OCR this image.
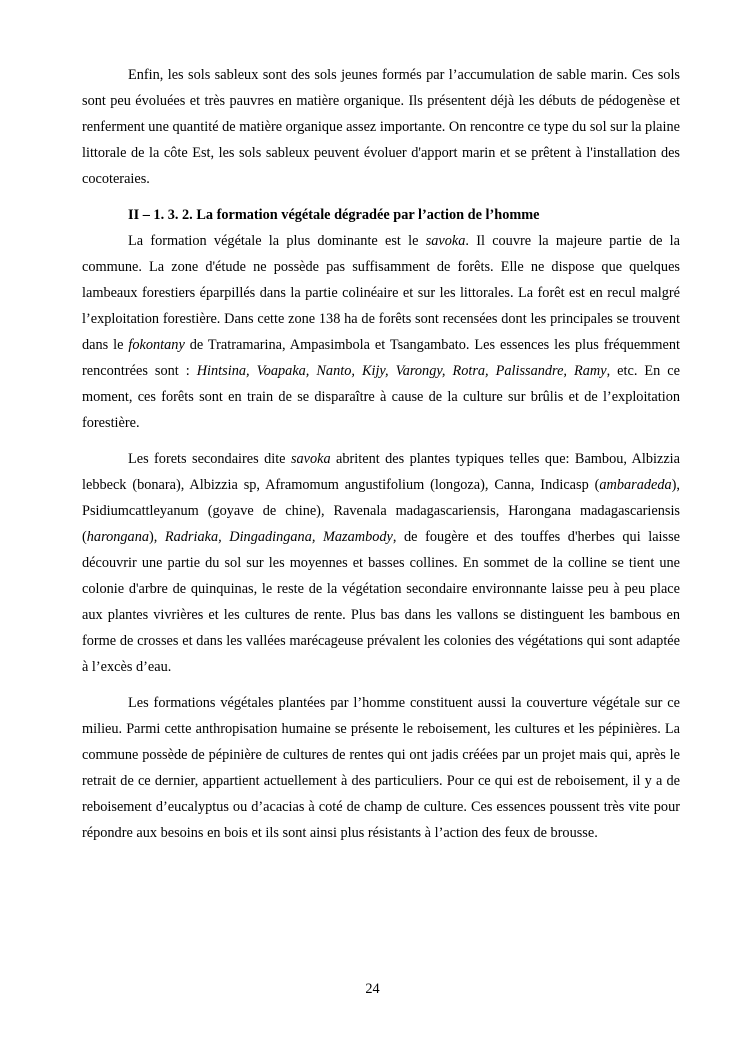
Enfin, les sols sableux sont des sols jeunes formés par l’accumulation de sable marin. Ces sols sont peu évoluées et très pauvres en matière organique. Ils présentent déjà les débuts de pédogenèse et renferment une quantité de matière organique assez importante. On rencontre ce type du sol sur la plaine littorale de la côte Est, les sols sableux peuvent évoluer d'apport marin et se prêtent à l'installation des cocoteraies.

II – 1. 3. 2. La formation végétale dégradée par l’action de l’homme

La formation végétale la plus dominante est le savoka. Il couvre la majeure partie de la commune. La zone d'étude ne possède pas suffisamment de forêts. Elle ne dispose que quelques lambeaux forestiers éparpillés dans la partie colinéaire et sur les littorales. La forêt est en recul malgré l’exploitation forestière. Dans cette zone 138 ha de forêts sont recensées dont les principales se trouvent dans le fokontany de Tratramarina, Ampasimbola et Tsangambato. Les essences les plus fréquemment rencontrées sont : Hintsina, Voapaka, Nanto, Kijy, Varongy, Rotra, Palissandre, Ramy, etc. En ce moment, ces forêts sont en train de se disparaître à cause de la culture sur brûlis et de l’exploitation forestière.

Les forets secondaires dite savoka abritent des plantes typiques telles que: Bambou, Albizzia lebbeck (bonara), Albizzia sp, Aframomum angustifolium (longoza), Canna, Indicasp (ambaradeda), Psidiumcattleyanum (goyave de chine), Ravenala madagascariensis, Harongana madagascariensis (harongana), Radriaka, Dingadingana, Mazambody, de fougère et des touffes d'herbes qui laisse découvrir une partie du sol sur les moyennes et basses collines. En sommet de la colline se tient une colonie d'arbre de quinquinas, le reste de la végétation secondaire environnante laisse peu à peu place aux plantes vivrières et les cultures de rente. Plus bas dans les vallons se distinguent les bambous en forme de crosses et dans les vallées marécageuse prévalent les colonies des végétations qui sont adaptée à l’excès d’eau.

Les formations végétales plantées par l’homme constituent aussi la couverture végétale sur ce milieu. Parmi cette anthropisation humaine se présente le reboisement, les cultures et les pépinières. La commune possède de pépinière de cultures de rentes qui ont jadis créées par un projet mais qui, après le retrait de ce dernier, appartient actuellement à des particuliers. Pour ce qui est de reboisement, il y a de reboisement d’eucalyptus ou d’acacias à coté de champ de culture. Ces essences poussent très vite pour répondre aux besoins en bois et ils sont ainsi plus résistants à l’action des feux de brousse.

24
